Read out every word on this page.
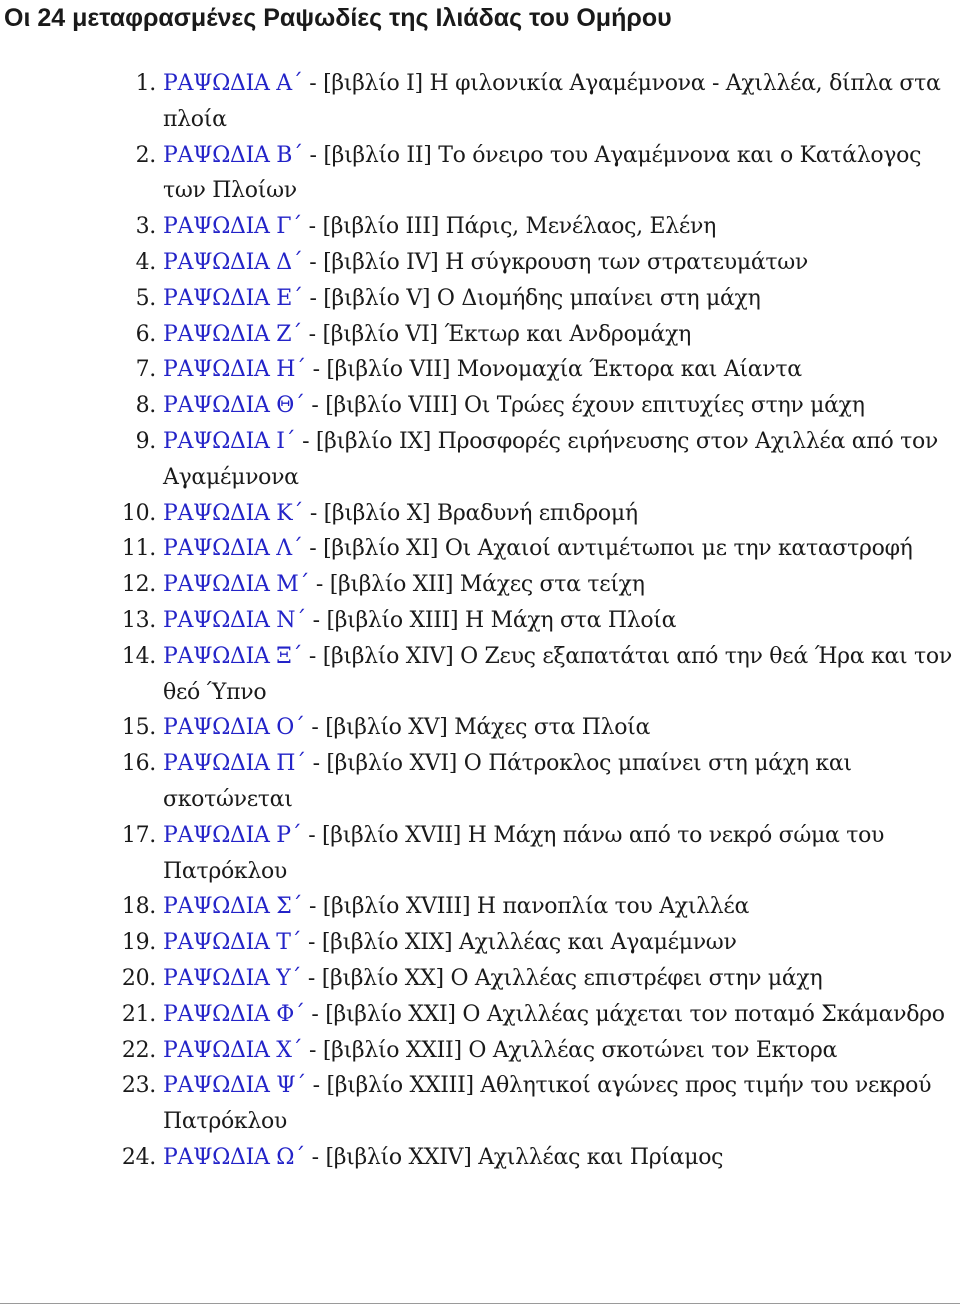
Οι 24 μεταφρασμένες Ραψωδίες της Ιλιάδας του Ομήρου
1. ΡΑΨΩΔΙΑ Α΄ - [βιβλίο Ι] Η φιλονικία Αγαμέμνονα - Αχιλλέα, δίπλα στα πλοία
2. ΡΑΨΩΔΙΑ Β΄ - [βιβλίο ΙΙ] Το όνειρο του Αγαμέμνονα και ο Κατάλογος των Πλοίων
3. ΡΑΨΩΔΙΑ Γ΄ - [βιβλίο ΙΙΙ] Πάρις, Μενέλαος, Ελένη
4. ΡΑΨΩΔΙΑ Δ΄ - [βιβλίο IV] Η σύγκρουση των στρατευμάτων
5. ΡΑΨΩΔΙΑ Ε΄ - [βιβλίο V] Ο Διομήδης μπαίνει στη μάχη
6. ΡΑΨΩΔΙΑ Ζ΄ - [βιβλίο VI] Έκτωρ και Ανδρομάχη
7. ΡΑΨΩΔΙΑ Η΄ - [βιβλίο VII] Μονομαχία Έκτορα και Αίαντα
8. ΡΑΨΩΔΙΑ Θ΄ - [βιβλίο VIII] Οι Τρώες έχουν επιτυχίες στην μάχη
9. ΡΑΨΩΔΙΑ Ι΄ - [βιβλίο IX] Προσφορές ειρήνευσης στον Αχιλλέα από τον Αγαμέμνονα
10. ΡΑΨΩΔΙΑ Κ΄ - [βιβλίο X] Βραδυνή επιδρομή
11. ΡΑΨΩΔΙΑ Λ΄ - [βιβλίο XI] Οι Αχαιοί αντιμέτωποι με την καταστροφή
12. ΡΑΨΩΔΙΑ Μ΄ - [βιβλίο XII] Μάχες στα τείχη
13. ΡΑΨΩΔΙΑ Ν΄ - [βιβλίο XIII] Η Μάχη στα Πλοία
14. ΡΑΨΩΔΙΑ Ξ΄ - [βιβλίο XIV] Ο Ζευς εξαπατάται από την θεά Ήρα και τον θεό Ύπνο
15. ΡΑΨΩΔΙΑ Ο΄ - [βιβλίο XV] Μάχες στα Πλοία
16. ΡΑΨΩΔΙΑ Π΄ - [βιβλίο XVI] Ο Πάτροκλος μπαίνει στη μάχη και σκοτώνεται
17. ΡΑΨΩΔΙΑ Ρ΄ - [βιβλίο XVII] Η Μάχη πάνω από το νεκρό σώμα του Πατρόκλου
18. ΡΑΨΩΔΙΑ Σ΄ - [βιβλίο XVIII] Η πανοπλία του Αχιλλέα
19. ΡΑΨΩΔΙΑ Τ΄ - [βιβλίο XIX] Αχιλλέας και Αγαμέμνων
20. ΡΑΨΩΔΙΑ Υ΄ - [βιβλίο XX] Ο Αχιλλέας επιστρέφει στην μάχη
21. ΡΑΨΩΔΙΑ Φ΄ - [βιβλίο XXI] Ο Αχιλλέας μάχεται τον ποταμό Σκάμανδρο
22. ΡΑΨΩΔΙΑ Χ΄ - [βιβλίο XXII] Ο Αχιλλέας σκοτώνει τον Εκτορα
23. ΡΑΨΩΔΙΑ Ψ΄ - [βιβλίο XXIII] Αθλητικοί αγώνες προς τιμήν του νεκρού Πατρόκλου
24. ΡΑΨΩΔΙΑ Ω΄ - [βιβλίο XXIV] Αχιλλέας και Πρίαμος
